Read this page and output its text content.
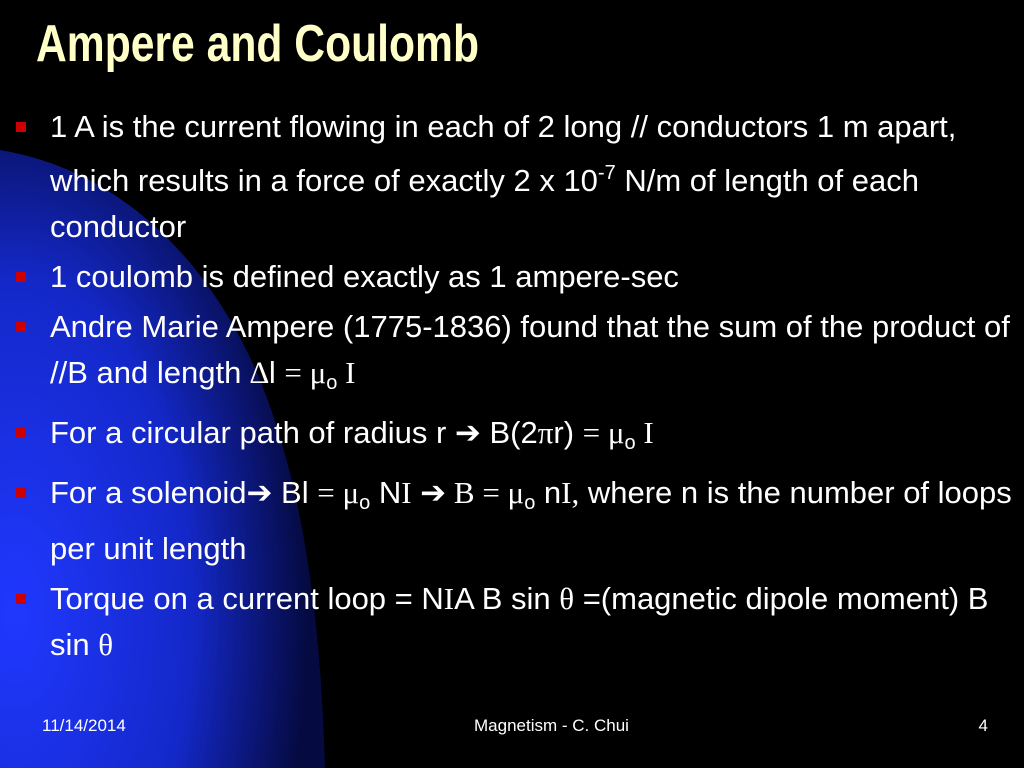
Ampere and Coulomb
1 A is the current flowing in each of 2 long // conductors 1 m apart, which results in a force of exactly 2 x $10^{-7}$ N/m of length of each conductor
1 coulomb is defined exactly as 1 ampere-sec
Andre Marie Ampere (1775-1836) found that the sum of the product of //B and length $\Delta l = \mu_o$ I
For a circular path of radius r ➔ $B(2\pi r) = \mu_o$ I
For a solenoid➔ $Bl = \mu_o$ NI ➔ $B = \mu_o$ nI, where n is the number of loops per unit length
Torque on a current loop = NIA B sin θ =(magnetic dipole moment) B sin θ
11/14/2014	Magnetism - C. Chui	4
